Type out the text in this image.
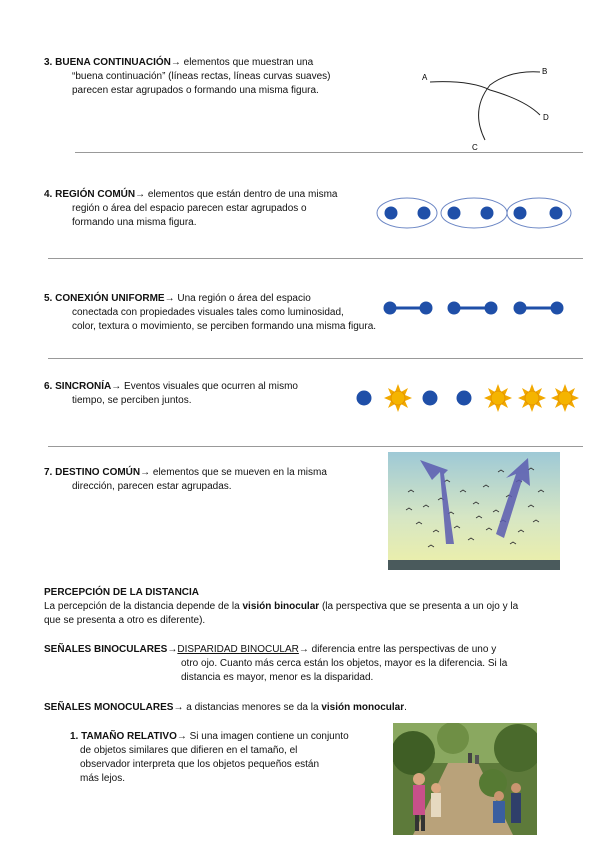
3. BUENA CONTINUACIÓN→ elementos que muestran una
“buena continuación” (líneas rectas, líneas curvas suaves)
parecen estar agrupados o formando una misma figura.
A
B
C
D
4. REGIÓN COMÚN→ elementos que están dentro de una misma
región o área del espacio parecen estar agrupados o
formando una misma figura.
5. CONEXIÓN UNIFORME→ Una región o área del espacio
conectada con propiedades visuales tales como luminosidad,
color, textura o movimiento, se perciben formando una misma figura.
6. SINCRONÍA→ Eventos visuales que ocurren al mismo
tiempo, se perciben juntos.
7. DESTINO COMÚN→ elementos que se mueven en la misma
dirección, parecen estar agrupadas.
PERCEPCIÓN DE LA DISTANCIA
La percepción de la distancia depende de la visión binocular (la perspectiva que se presenta a un ojo y la
que se presenta a otro es diferente).
SEÑALES BINOCULARES→DISPARIDAD BINOCULAR→ diferencia entre las perspectivas de uno y
otro ojo. Cuanto más cerca están los objetos, mayor es la diferencia. Si la
distancia es mayor, menor es la disparidad.
SEÑALES MONOCULARES→ a distancias menores se da la visión monocular.
1. TAMAÑO RELATIVO→ Si una imagen contiene un conjunto
de objetos similares que difieren en el tamaño, el
observador interpreta que los objetos pequeños están
más lejos.
